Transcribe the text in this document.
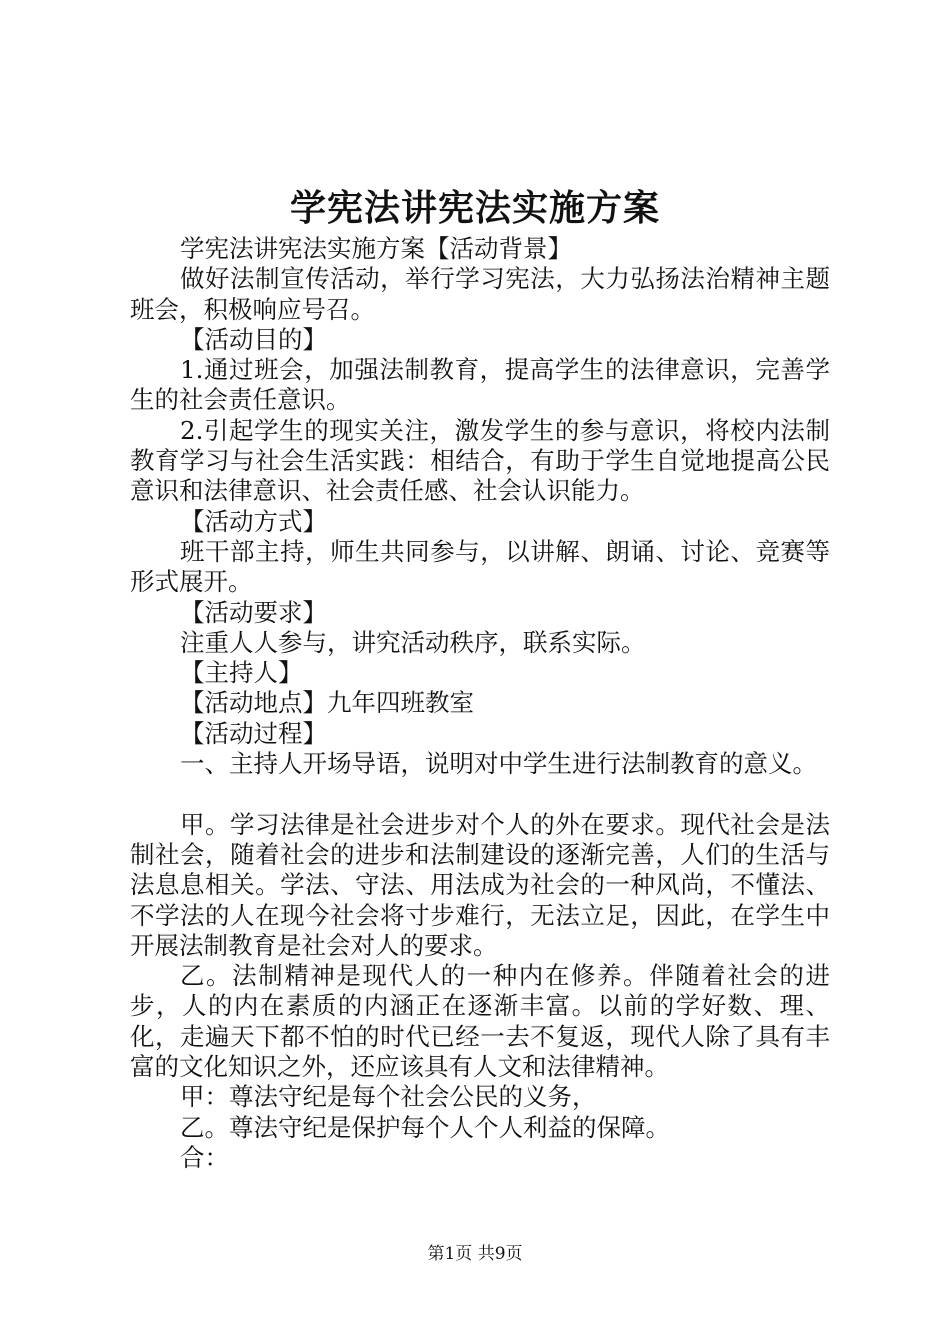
学宪法讲宪法实施方案

学宪法讲宪法实施方案【活动背景】

做好法制宣传活动，举行学习宪法，大力弘扬法治精神主题班会，积极响应号召。

【活动目的】

1.通过班会，加强法制教育，提高学生的法律意识，完善学生的社会责任意识。

2.引起学生的现实关注，激发学生的参与意识，将校内法制教育学习与社会生活实践：相结合，有助于学生自觉地提高公民意识和法律意识、社会责任感、社会认识能力。

【活动方式】

班干部主持，师生共同参与，以讲解、朗诵、讨论、竞赛等形式展开。

【活动要求】

注重人人参与，讲究活动秩序，联系实际。

【主持人】

【活动地点】九年四班教室

【活动过程】

一、主持人开场导语，说明对中学生进行法制教育的意义。

甲。学习法律是社会进步对个人的外在要求。现代社会是法制社会，随着社会的进步和法制建设的逐渐完善，人们的生活与法息息相关。学法、守法、用法成为社会的一种风尚，不懂法、不学法的人在现今社会将寸步难行，无法立足，因此，在学生中开展法制教育是社会对人的要求。

乙。法制精神是现代人的一种内在修养。伴随着社会的进步，人的内在素质的内涵正在逐渐丰富。以前的学好数、理、化，走遍天下都不怕的时代已经一去不复返，现代人除了具有丰富的文化知识之外，还应该具有人文和法律精神。

甲：尊法守纪是每个社会公民的义务，

乙。尊法守纪是保护每个人个人利益的保障。

合：

第1页 共9页
